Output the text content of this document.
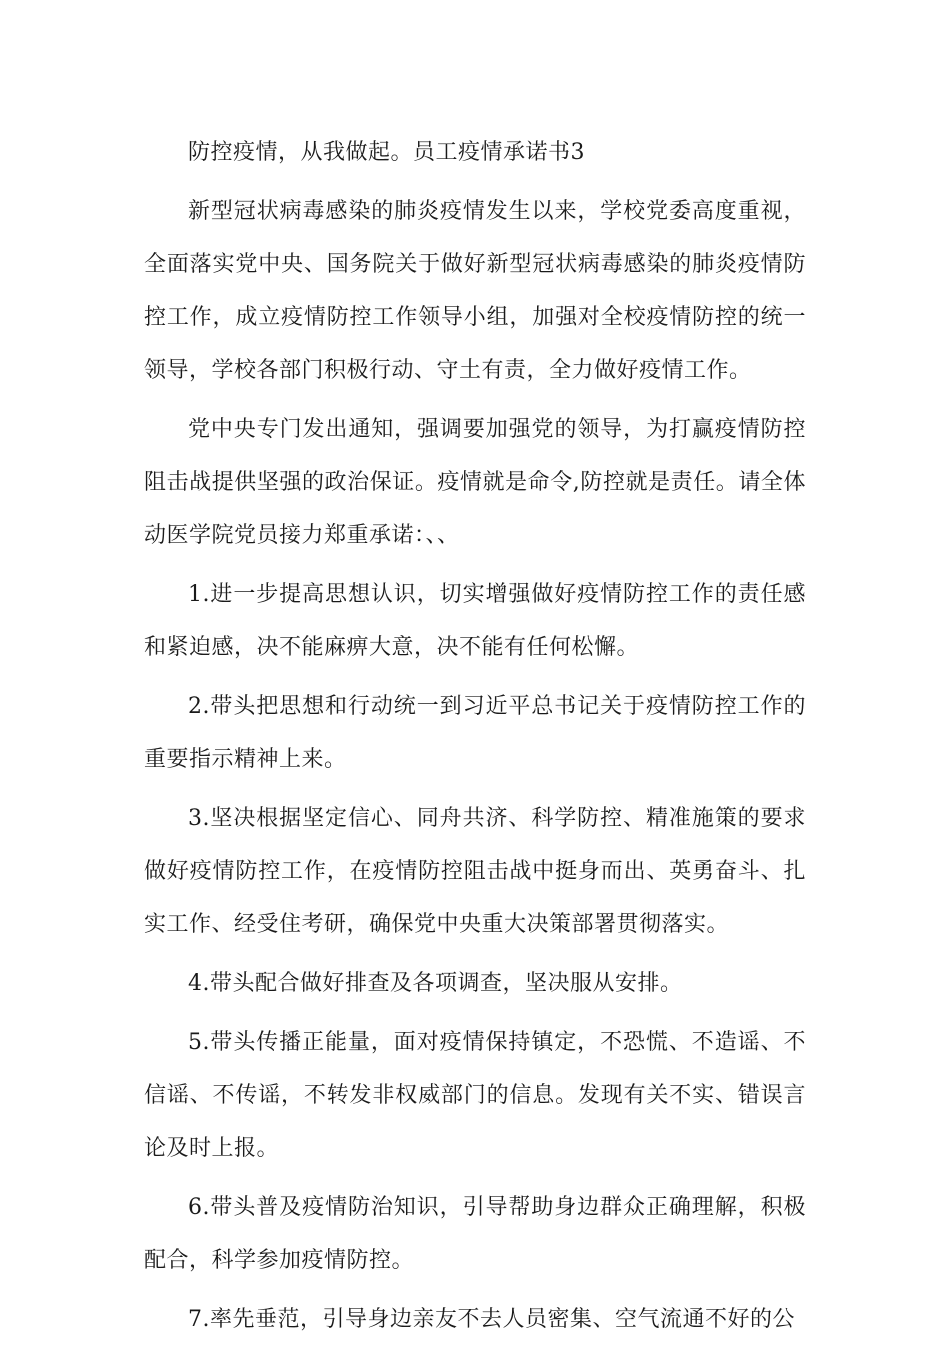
防控疫情，从我做起。员工疫情承诺书3

新型冠状病毒感染的肺炎疫情发生以来，学校党委高度重视，全面落实党中央、国务院关于做好新型冠状病毒感染的肺炎疫情防控工作，成立疫情防控工作领导小组，加强对全校疫情防控的统一领导，学校各部门积极行动、守土有责，全力做好疫情工作。

党中央专门发出通知，强调要加强党的领导，为打赢疫情防控阻击战提供坚强的政治保证。疫情就是命令,防控就是责任。请全体动医学院党员接力郑重承诺：、、

1.进一步提高思想认识，切实增强做好疫情防控工作的责任感和紧迫感，决不能麻痹大意，决不能有任何松懈。

2.带头把思想和行动统一到习近平总书记关于疫情防控工作的重要指示精神上来。

3.坚决根据坚定信心、同舟共济、科学防控、精准施策的要求做好疫情防控工作，在疫情防控阻击战中挺身而出、英勇奋斗、扎实工作、经受住考研，确保党中央重大决策部署贯彻落实。

4.带头配合做好排查及各项调查，坚决服从安排。

5.带头传播正能量，面对疫情保持镇定，不恐慌、不造谣、不信谣、不传谣，不转发非权威部门的信息。发现有关不实、错误言论及时上报。

6.带头普及疫情防治知识，引导帮助身边群众正确理解，积极配合，科学参加疫情防控。

7.率先垂范，引导身边亲友不去人员密集、空气流通不好的公
